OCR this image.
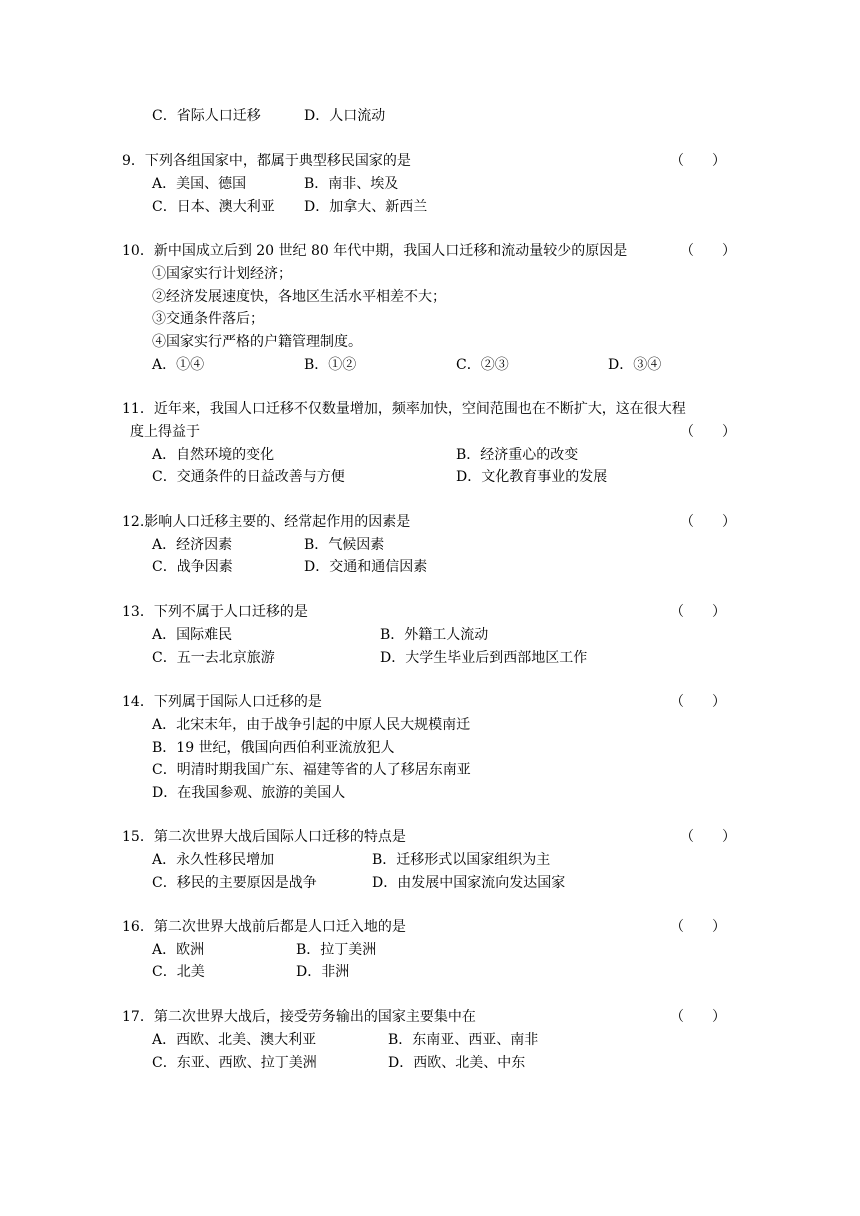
C．省际人口迁移	D．人口流动
9．下列各组国家中，都属于典型移民国家的是	（　　）
A．美国、德国	B．南非、埃及
C．日本、澳大利亚 D．加拿大、新西兰
10．新中国成立后到 20 世纪 80 年代中期，我国人口迁移和流动量较少的原因是	（　　）
①国家实行计划经济；
②经济发展速度快，各地区生活水平相差不大；
③交通条件落后；
④国家实行严格的户籍管理制度。
A．①④	B．①②	C．②③	D．③④
11．近年来，我国人口迁移不仅数量增加，频率加快，空间范围也在不断扩大，这在很大程
度上得益于	（　　）
A．自然环境的变化	B．经济重心的改变
C．交通条件的日益改善与方便	D．文化教育事业的发展
12.影响人口迁移主要的、经常起作用的因素是	（　　）
A．经济因素	B．气候因素
C．战争因素	D．交通和通信因素
13．下列不属于人口迁移的是	（　　）
A．国际难民	B．外籍工人流动
C．五一去北京旅游	D．大学生毕业后到西部地区工作
14．下列属于国际人口迁移的是	（　　）
A．北宋末年，由于战争引起的中原人民大规模南迁
B．19 世纪，俄国向西伯利亚流放犯人
C．明清时期我国广东、福建等省的人了移居东南亚
D．在我国参观、旅游的美国人
15．第二次世界大战后国际人口迁移的特点是	（　　）
A．永久性移民增加	B．迁移形式以国家组织为主
C．移民的主要原因是战争	D．由发展中国家流向发达国家
16．第二次世界大战前后都是人口迁入地的是	（　　）
A．欧洲	B．拉丁美洲
C．北美	D．非洲
17．第二次世界大战后，接受劳务输出的国家主要集中在	（　　）
A．西欧、北美、澳大利亚	B．东南亚、西亚、南非
C．东亚、西欧、拉丁美洲	D．西欧、北美、中东
